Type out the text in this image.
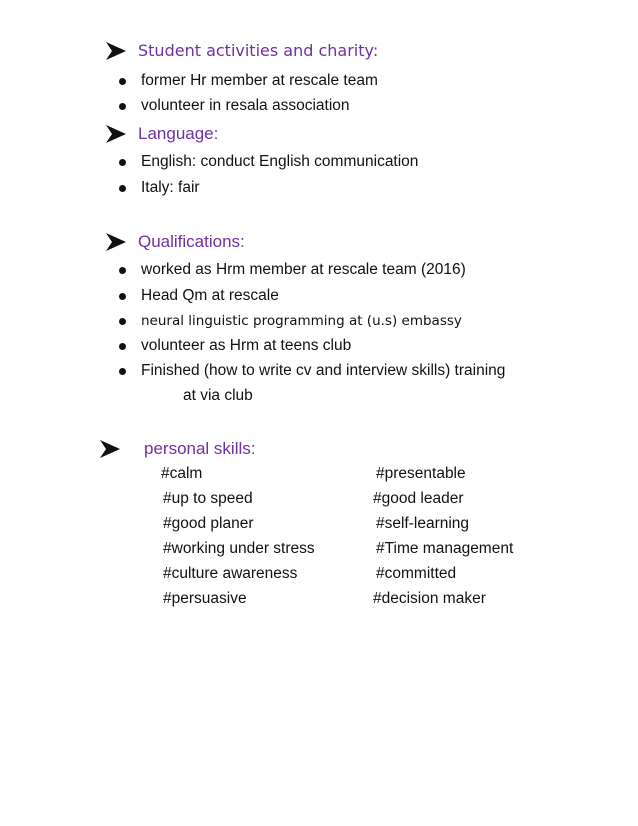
Student activities and charity:
former Hr member at rescale team
volunteer in resala association
Language:
English: conduct English communication
Italy: fair
Qualifications:
worked as Hrm member at rescale team (2016)
Head Qm at rescale
neural linguistic programming at (u.s) embassy
volunteer as Hrm at teens club
Finished (how to write cv and interview skills) training
at via club
personal skills:
#calm
#up to speed
#good planer
#working under stress
#culture awareness
#persuasive
#presentable
#good leader
#self-learning
#Time management
#committed
#decision maker
